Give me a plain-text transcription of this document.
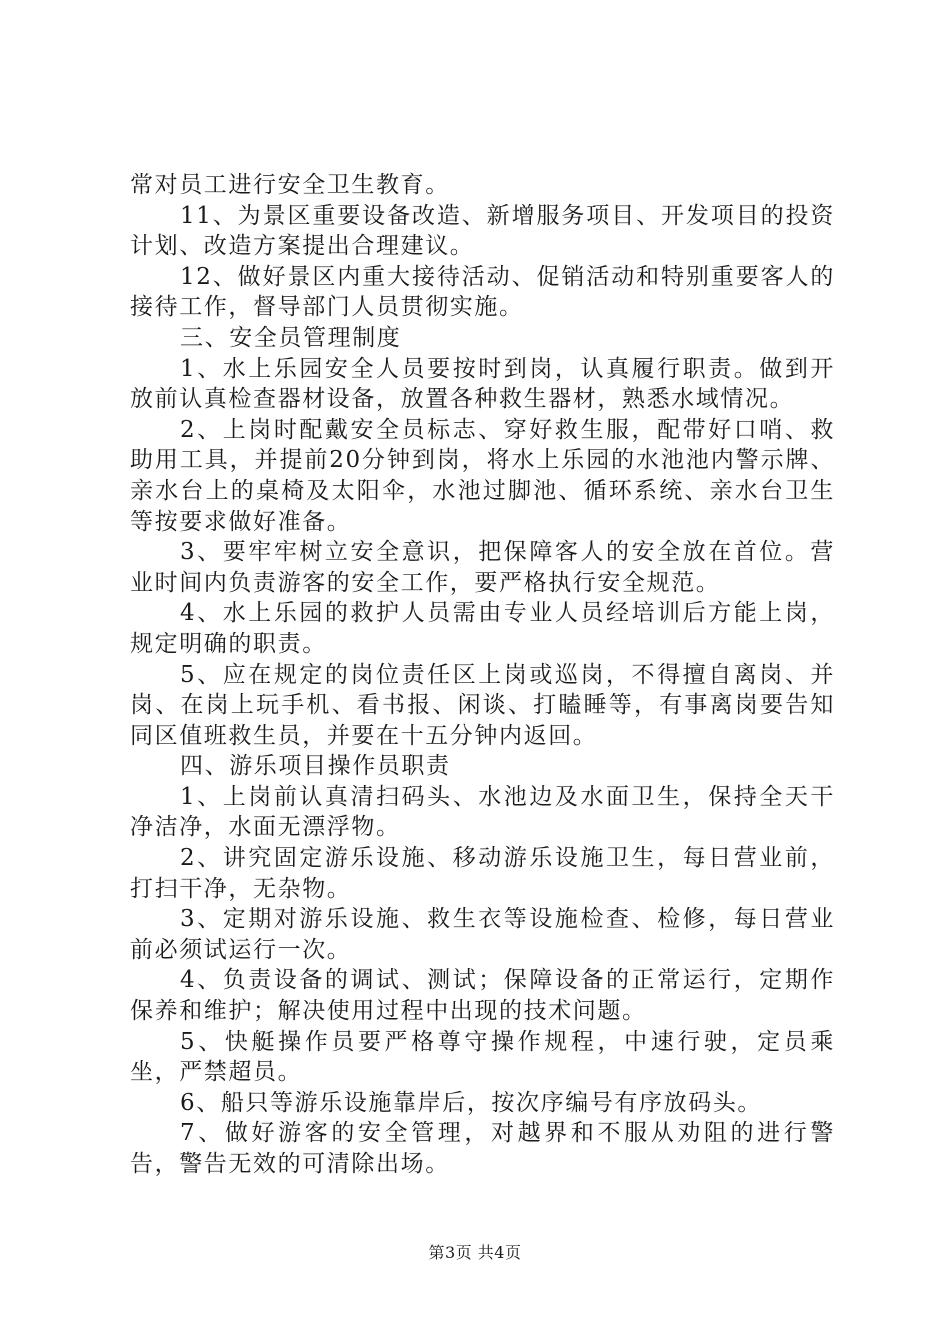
常对员工进行安全卫生教育。

11、为景区重要设备改造、新增服务项目、开发项目的投资计划、改造方案提出合理建议。

12、做好景区内重大接待活动、促销活动和特别重要客人的接待工作，督导部门人员贯彻实施。

三、安全员管理制度

1、水上乐园安全人员要按时到岗，认真履行职责。做到开放前认真检查器材设备，放置各种救生器材，熟悉水域情况。

2、上岗时配戴安全员标志、穿好救生服，配带好口哨、救助用工具，并提前20分钟到岗，将水上乐园的水池池内警示牌、亲水台上的桌椅及太阳伞，水池过脚池、循环系统、亲水台卫生等按要求做好准备。

3、要牢牢树立安全意识，把保障客人的安全放在首位。营业时间内负责游客的安全工作，要严格执行安全规范。

4、水上乐园的救护人员需由专业人员经培训后方能上岗，规定明确的职责。

5、应在规定的岗位责任区上岗或巡岗，不得擅自离岗、并岗、在岗上玩手机、看书报、闲谈、打瞌睡等，有事离岗要告知同区值班救生员，并要在十五分钟内返回。

四、游乐项目操作员职责

1、上岗前认真清扫码头、水池边及水面卫生，保持全天干净洁净，水面无漂浮物。

2、讲究固定游乐设施、移动游乐设施卫生，每日营业前，打扫干净，无杂物。

3、定期对游乐设施、救生衣等设施检查、检修，每日营业前必须试运行一次。

4、负责设备的调试、测试；保障设备的正常运行，定期作保养和维护；解决使用过程中出现的技术问题。

5、快艇操作员要严格尊守操作规程，中速行驶，定员乘坐，严禁超员。

6、船只等游乐设施靠岸后，按次序编号有序放码头。

7、做好游客的安全管理，对越界和不服从劝阻的进行警告，警告无效的可清除出场。

第3页 共4页
